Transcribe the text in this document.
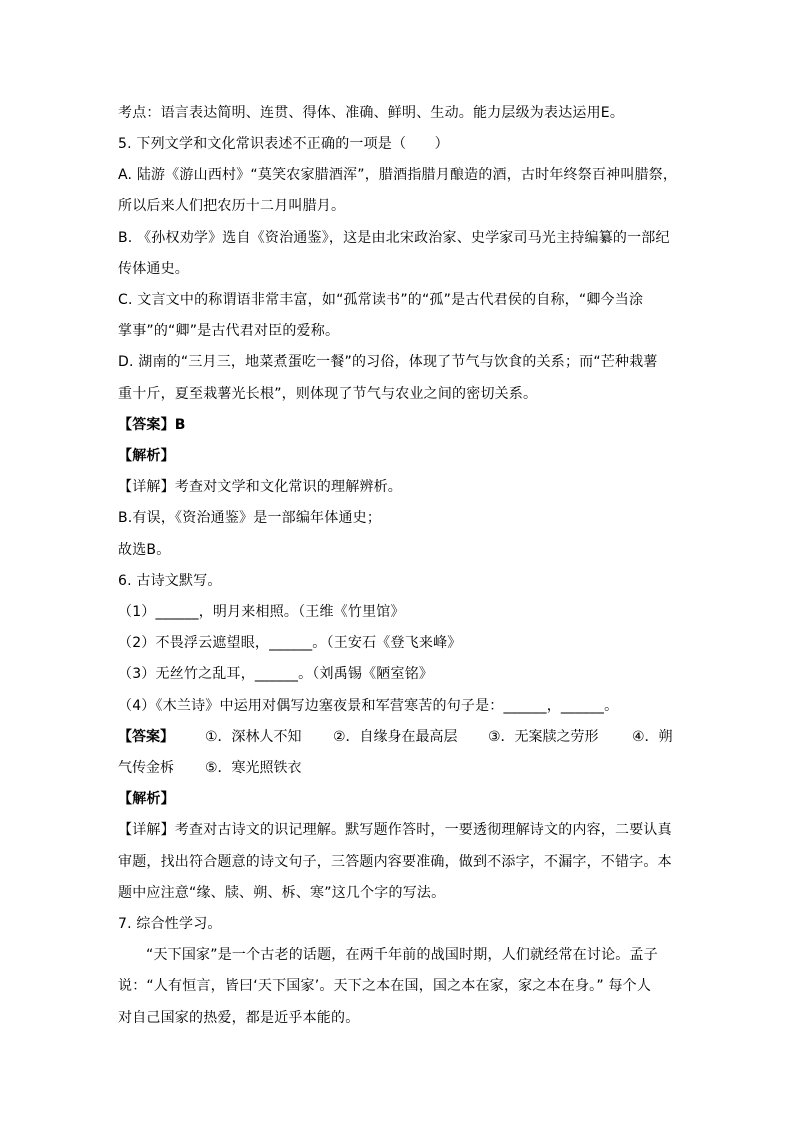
考点：语言表达简明、连贯、得体、准确、鲜明、生动。能力层级为表达运用E。
5. 下列文学和文化常识表述不正确的一项是（　　）
A. 陆游《游山西村》“莫笑农家腊酒浑”，腊酒指腊月酿造的酒，古时年终祭百神叫腊祭，
所以后来人们把农历十二月叫腊月。
B. 《孙权劝学》选自《资治通鉴》，这是由北宋政治家、史学家司马光主持编纂的一部纪
传体通史。
C. 文言文中的称谓语非常丰富，如“孤常读书”的“孤”是古代君侯的自称，“卿今当涂
掌事”的“卿”是古代君对臣的爱称。
D. 湖南的“三月三，地菜煮蛋吃一餐”的习俗，体现了节气与饮食的关系；而“芒种栽薯
重十斤，夏至栽薯光长根”，则体现了节气与农业之间的密切关系。
【答案】B
【解析】
【详解】考查对文学和文化常识的理解辨析。
B.有误，《资治通鉴》是一部编年体通史；
故选B。
6. 古诗文默写。
（1）______，明月来相照。（王维《竹里馆》
（2）不畏浮云遮望眼，______。（王安石《登飞来峰》
（3）无丝竹之乱耳，______。（刘禹锡《陋室铭》
（4）《木兰诗》中运用对偶写边塞夜景和军营寒苦的句子是：______，______。
【答案】 ①．深林人不知 ②．自缘身在最高层 ③．无案牍之劳形 ④．朔
气传金柝 ⑤．寒光照铁衣
【解析】
【详解】考查对古诗文的识记理解。默写题作答时，一要透彻理解诗文的内容，二要认真
审题，找出符合题意的诗文句子，三答题内容要准确，做到不添字，不漏字，不错字。本
题中应注意“缘、牍、朔、柝、寒”这几个字的写法。
7. 综合性学习。
“天下国家”是一个古老的话题，在两千年前的战国时期，人们就经常在讨论。孟子
说：“人有恒言，皆曰‘天下国家’。天下之本在国，国之本在家，家之本在身。” 每个人
对自己国家的热爱，都是近乎本能的。
